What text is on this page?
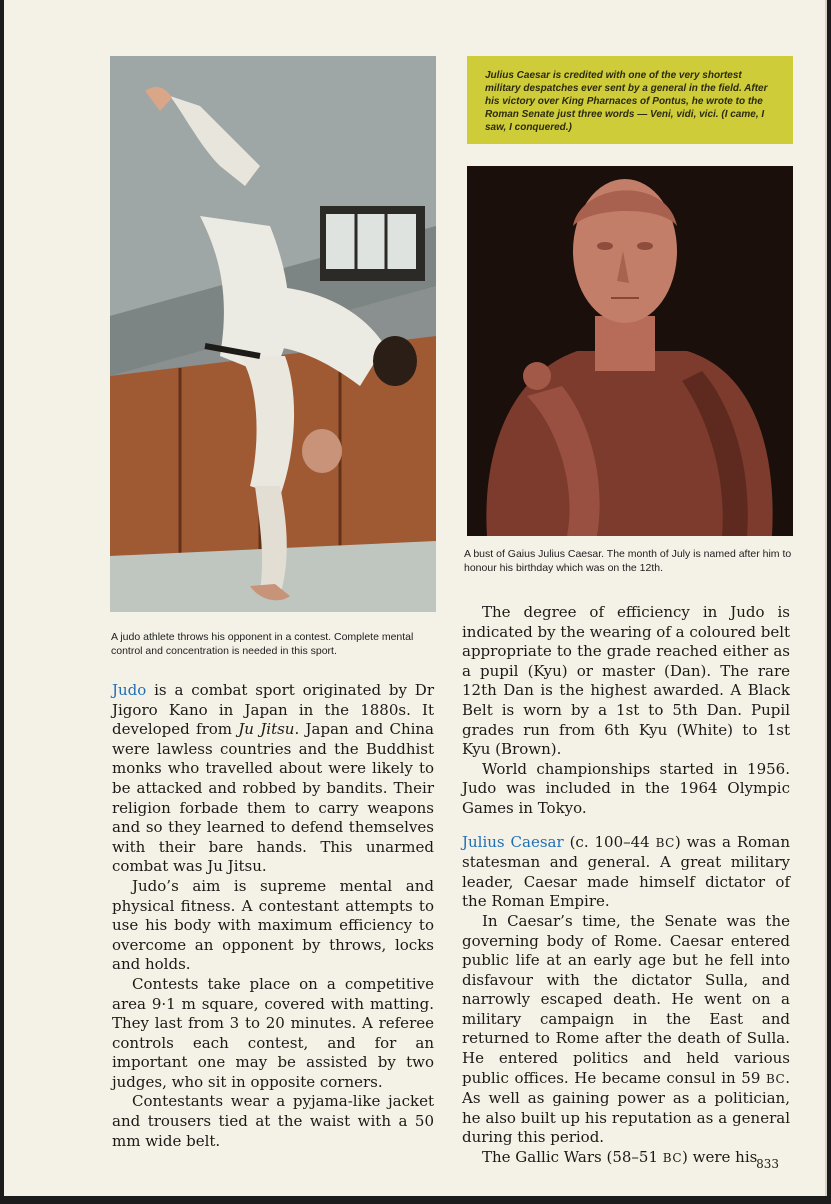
A judo athlete throws his opponent in a contest. Complete mental control and concentration is needed in this sport.
Julius Caesar is credited with one of the very shortest military despatches ever sent by a general in the field. After his victory over King Pharnaces of Pontus, he wrote to the Roman Senate just three words — Veni, vidi, vici. (I came, I saw, I conquered.)
A bust of Gaius Julius Caesar. The month of July is named after him to honour his birthday which was on the 12th.

Judo is a combat sport originated by Dr Jigoro Kano in Japan in the 1880s. It developed from Ju Jitsu. Japan and China were lawless countries and the Buddhist monks who travelled about were likely to be attacked and robbed by bandits. Their religion forbade them to carry weapons and so they learned to defend themselves with their bare hands. This unarmed combat was Ju Jitsu.

Judo’s aim is supreme mental and physical fitness. A contestant attempts to use his body with maximum efficiency to overcome an opponent by throws, locks and holds.

Contests take place on a competitive area 9·1 m square, covered with matting. They last from 3 to 20 minutes. A referee controls each contest, and for an important one may be assisted by two judges, who sit in opposite corners.

Contestants wear a pyjama-like jacket and trousers tied at the waist with a 50 mm wide belt.

The degree of efficiency in Judo is indicated by the wearing of a coloured belt appropriate to the grade reached either as a pupil (Kyu) or master (Dan). The rare 12th Dan is the highest awarded. A Black Belt is worn by a 1st to 5th Dan. Pupil grades run from 6th Kyu (White) to 1st Kyu (Brown).

World championships started in 1956. Judo was included in the 1964 Olympic Games in Tokyo.

Julius Caesar (c. 100–44 BC) was a Roman statesman and general. A great military leader, Caesar made himself dictator of the Roman Empire.

In Caesar’s time, the Senate was the governing body of Rome. Caesar entered public life at an early age but he fell into disfavour with the dictator Sulla, and narrowly escaped death. He went on a military campaign in the East and returned to Rome after the death of Sulla. He entered politics and held various public offices. He became consul in 59 BC. As well as gaining power as a politician, he also built up his reputation as a general during this period.

The Gallic Wars (58–51 BC) were his

833
